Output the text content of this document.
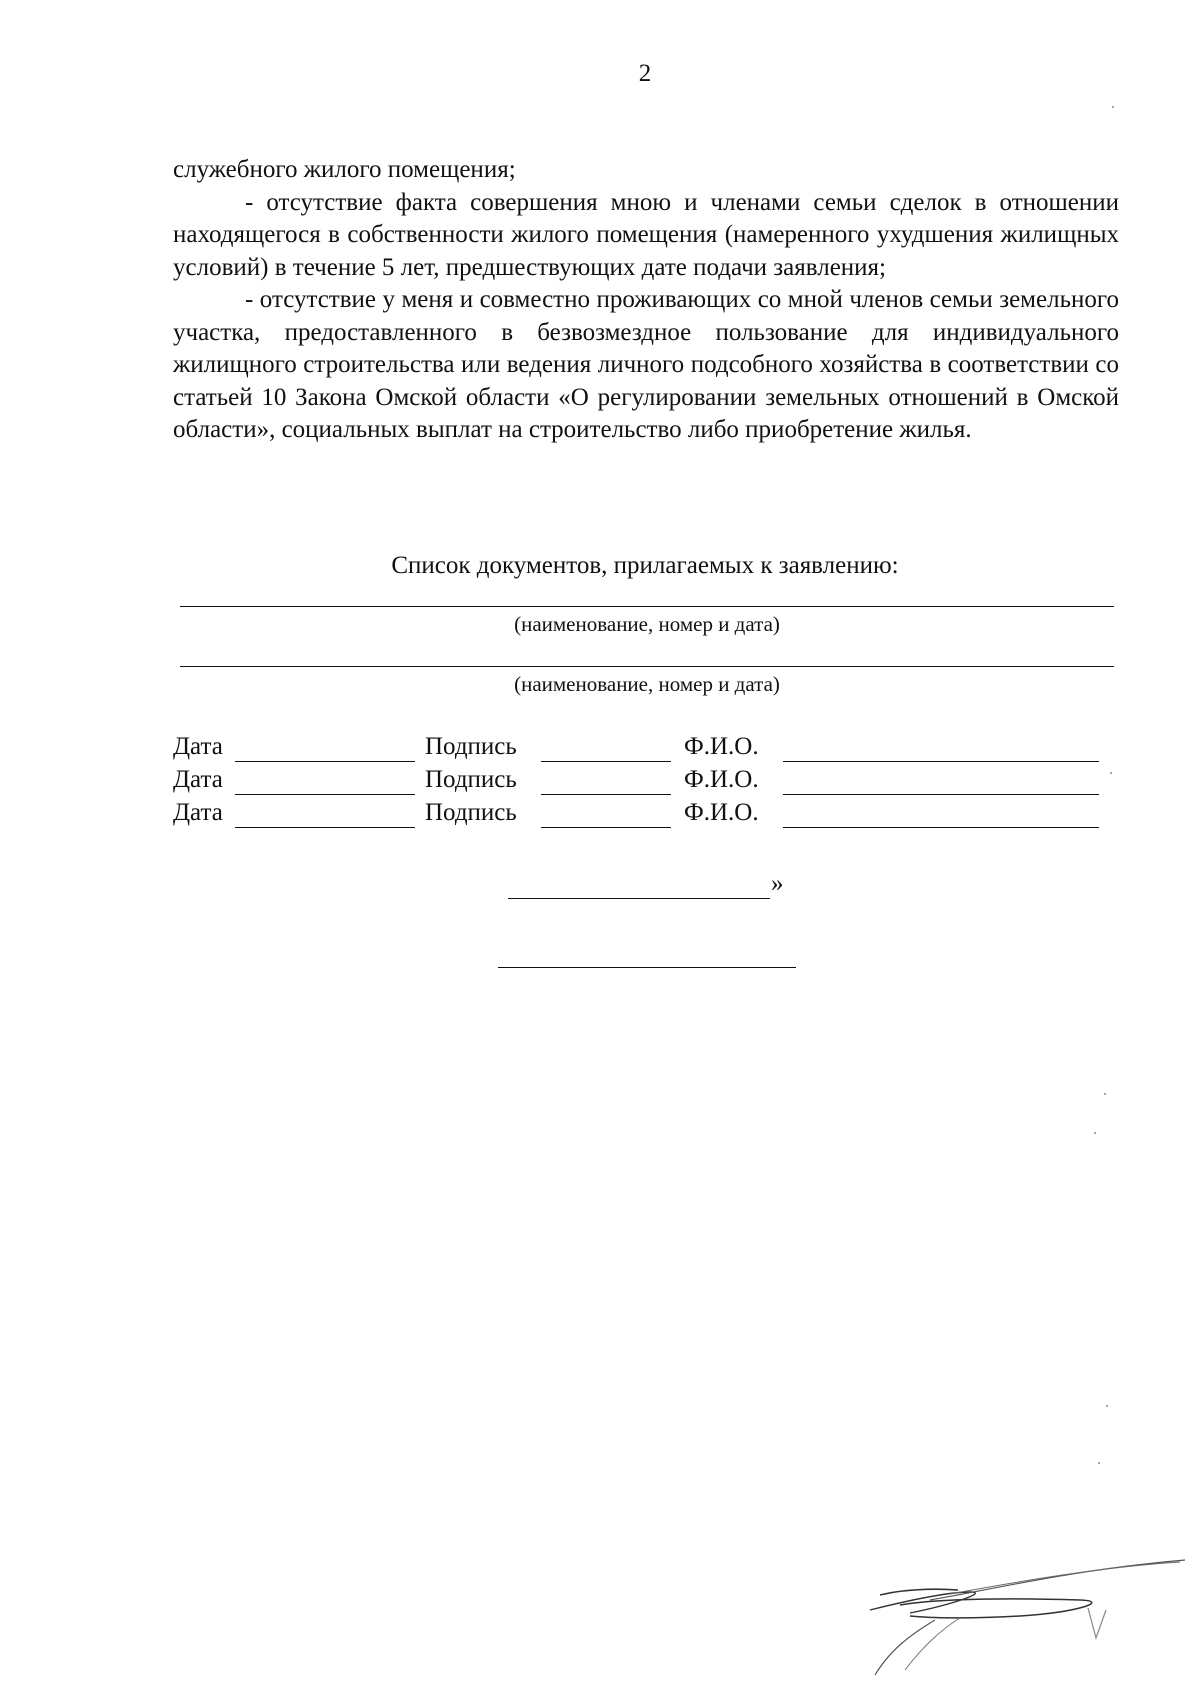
2

служебного жилого помещения;

- отсутствие факта совершения мною и членами семьи сделок в отношении находящегося в собственности жилого помещения (намеренного ухудшения жилищных условий) в течение 5 лет, предшествующих дате подачи заявления;

- отсутствие у меня и совместно проживающих со мной членов семьи земельного участка, предоставленного в безвозмездное пользование для индивидуального жилищного строительства или ведения личного подсобного хозяйства в соответствии со статьей 10 Закона Омской области «О регулировании земельных отношений в Омской области», социальных выплат на строительство либо приобретение жилья.

Список документов, прилагаемых к заявлению:
(наименование, номер и дата)
(наименование, номер и дата)
Дата	Подпись	Ф.И.О.
Дата	Подпись	Ф.И.О.
Дата	Подпись	Ф.И.О.
»
